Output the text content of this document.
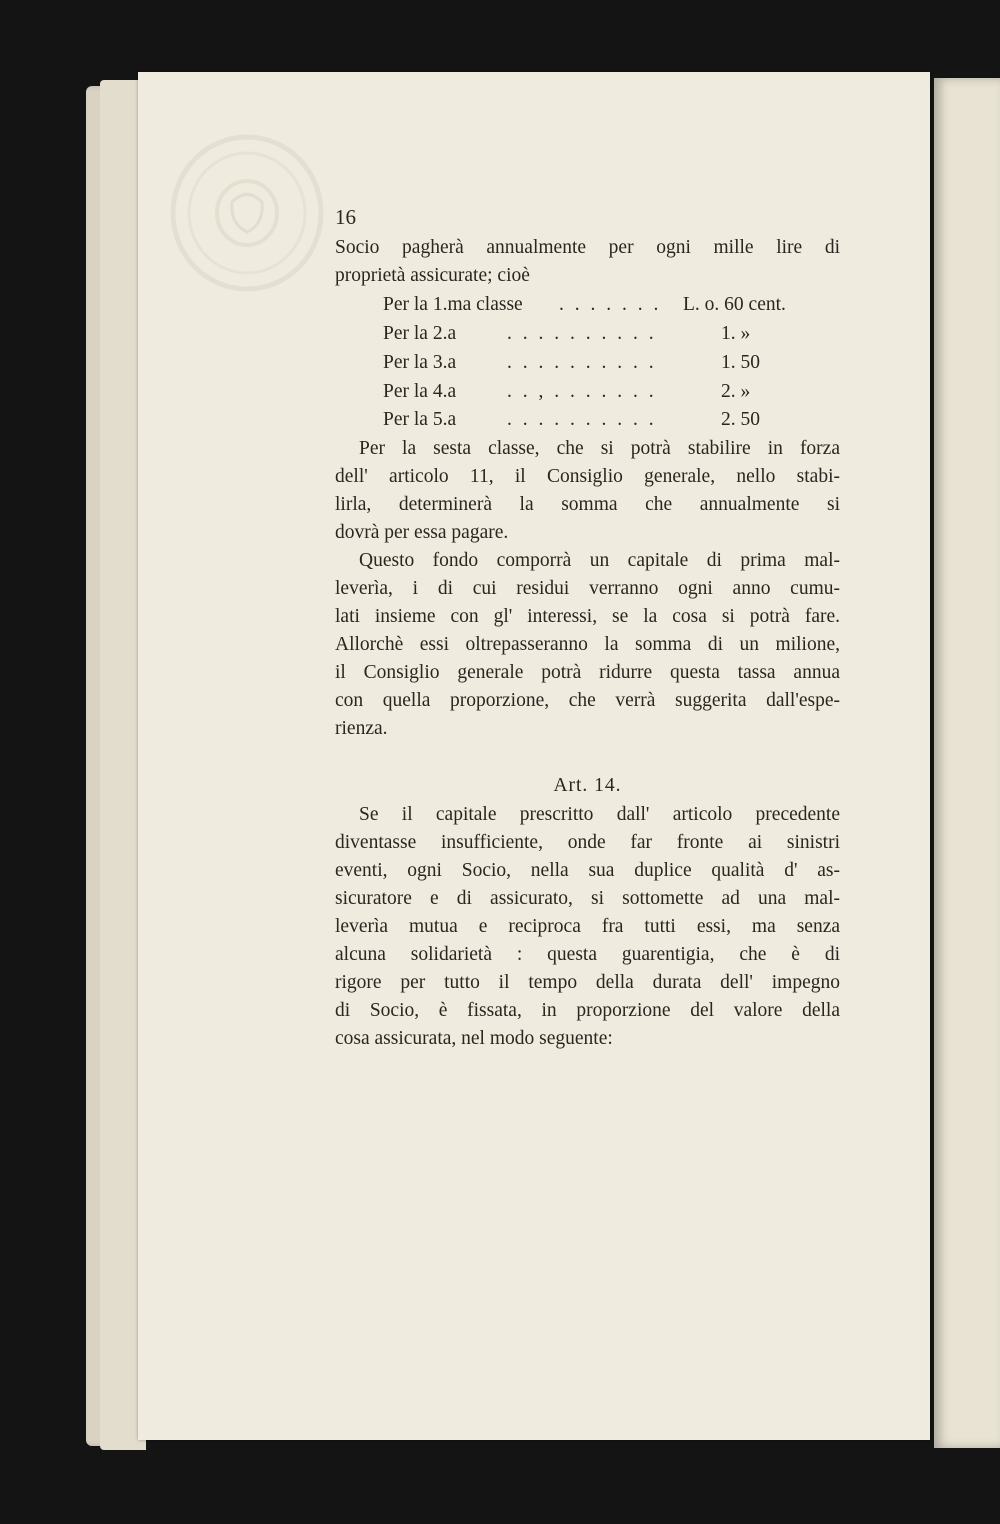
16
Socio pagherà annualmente per ogni mille lire di
proprietà assicurate; cioè
Per la 1.ma classe . . . . . . .	L. o. 60 cent.
Per la 2.a	. . . . . . . . . .	1. »
Per la 3.a	. . . . . . . . . .	1. 50
Per la 4.a	. . , . . . . . . .	2. »
Per la 5.a	. . . . . . . . . .	2. 50
Per la sesta classe, che si potrà stabilire in forza
dell' articolo 11, il Consiglio generale, nello stabi-
lirla, determinerà la somma che annualmente si
dovrà per essa pagare.
Questo fondo comporrà un capitale di prima mal-
leverìa, i di cui residui verranno ogni anno cumu-
lati insieme con gl' interessi, se la cosa si potrà fare.
Allorchè essi oltrepasseranno la somma di un milione,
il Consiglio generale potrà ridurre questa tassa annua
con quella proporzione, che verrà suggerita dall'espe-
rienza.
Art. 14.
Se il capitale prescritto dall' articolo precedente
diventasse insufficiente, onde far fronte ai sinistri
eventi, ogni Socio, nella sua duplice qualità d' as-
sicuratore e di assicurato, si sottomette ad una mal-
leverìa mutua e reciproca fra tutti essi, ma senza
alcuna solidarietà : questa guarentigia, che è di
rigore per tutto il tempo della durata dell' impegno
di Socio, è fissata, in proporzione del valore della
cosa assicurata, nel modo seguente:
